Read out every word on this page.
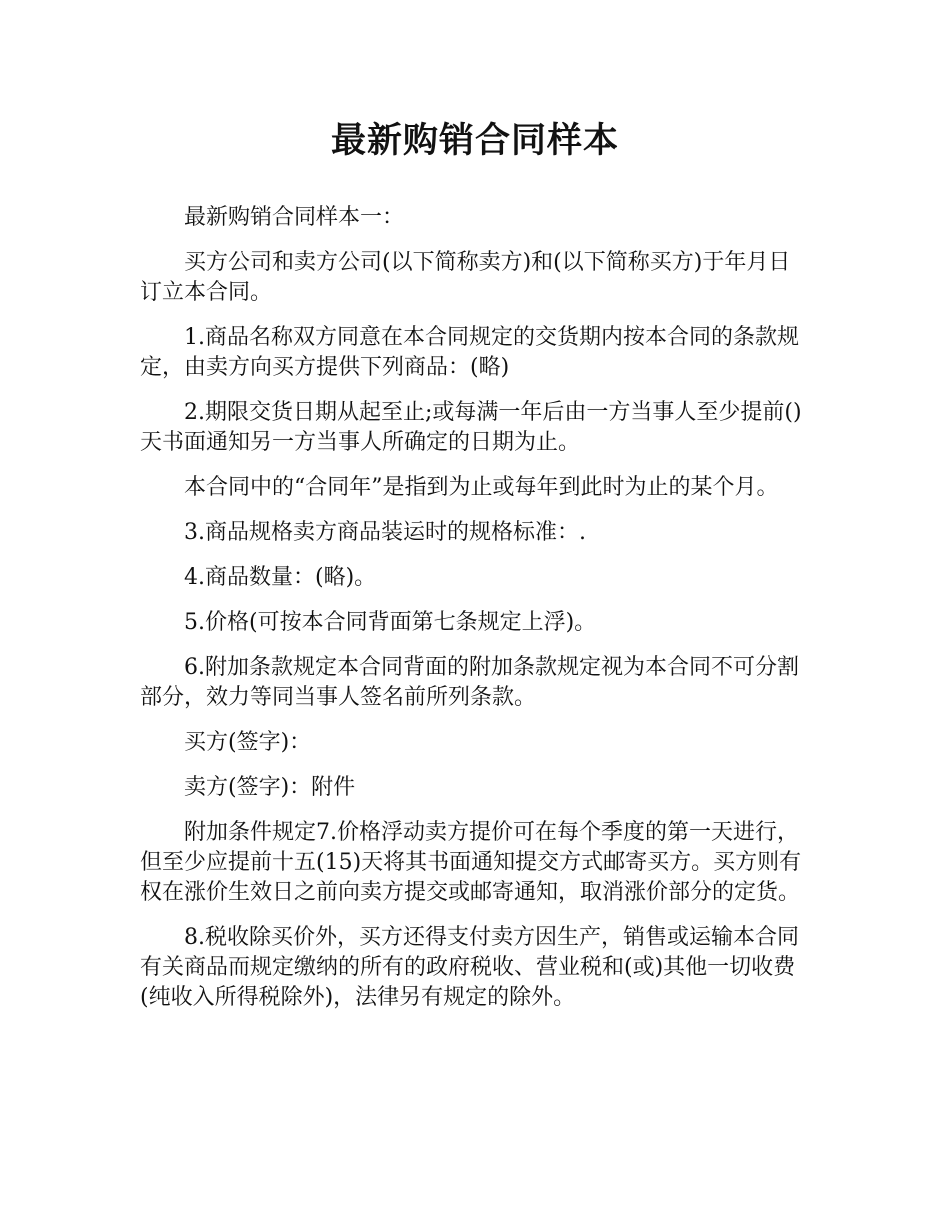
最新购销合同样本

最新购销合同样本一：

买方公司和卖方公司(以下简称卖方)和(以下简称买方)于年月日订立本合同。

1.商品名称双方同意在本合同规定的交货期内按本合同的条款规定，由卖方向买方提供下列商品：(略)

2.期限交货日期从起至止;或每满一年后由一方当事人至少提前()天书面通知另一方当事人所确定的日期为止。

本合同中的“合同年”是指到为止或每年到此时为止的某个月。

3.商品规格卖方商品装运时的规格标准：.

4.商品数量：(略)。

5.价格(可按本合同背面第七条规定上浮)。

6.附加条款规定本合同背面的附加条款规定视为本合同不可分割部分，效力等同当事人签名前所列条款。

买方(签字)：

卖方(签字)：附件

附加条件规定7.价格浮动卖方提价可在每个季度的第一天进行，但至少应提前十五(15)天将其书面通知提交方式邮寄买方。买方则有权在涨价生效日之前向卖方提交或邮寄通知，取消涨价部分的定货。

8.税收除买价外，买方还得支付卖方因生产，销售或运输本合同有关商品而规定缴纳的所有的政府税收、营业税和(或)其他一切收费(纯收入所得税除外)，法律另有规定的除外。
